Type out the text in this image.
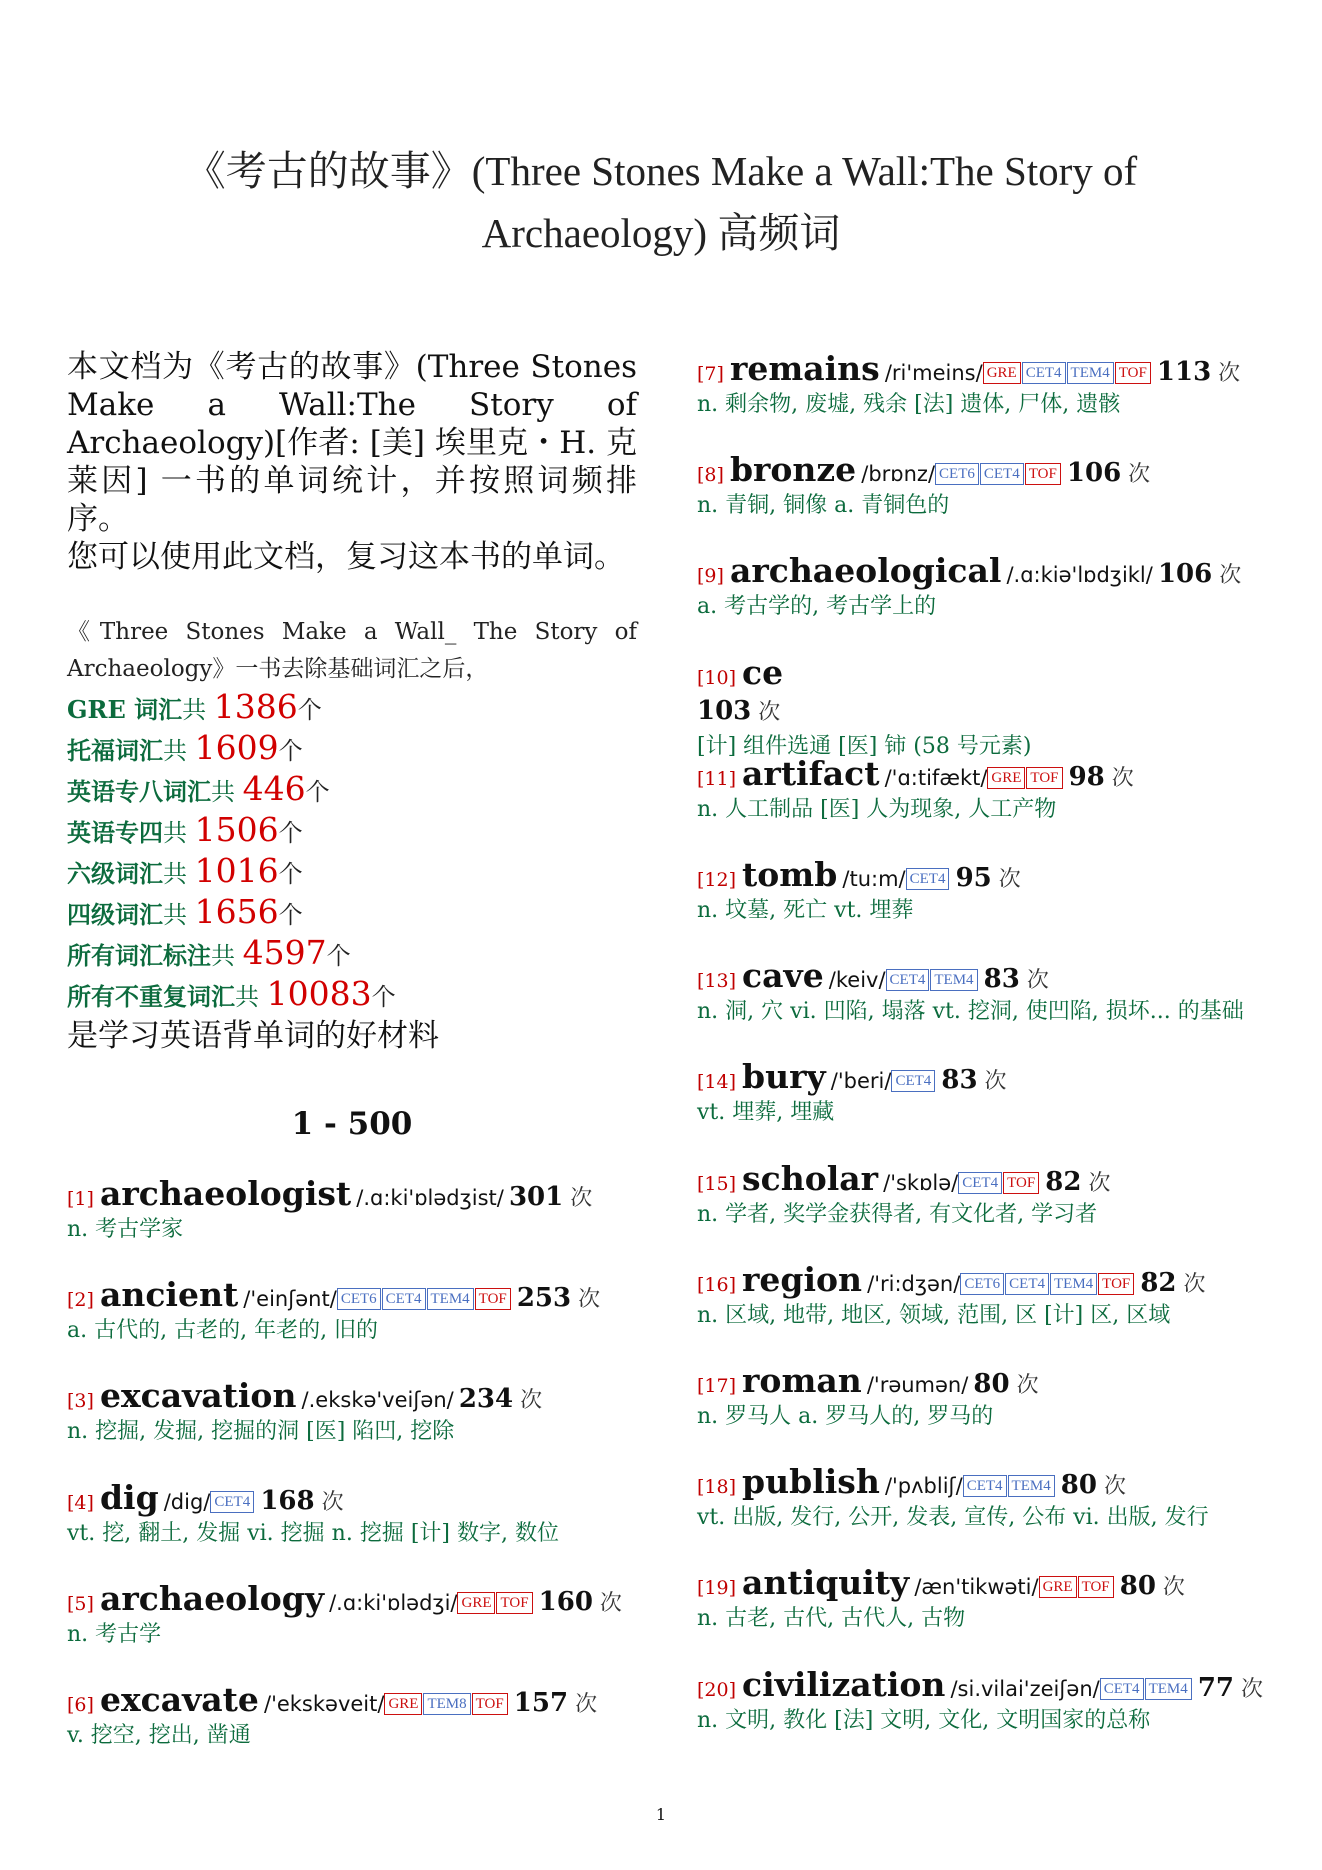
《考古的故事》(Three Stones Make a Wall:The Story of
Archaeology) 高频词
本文档为《考古的故事》(Three Stones Make a Wall:The Story of Archaeology)[作者: [美] 埃里克・H. 克莱因] 一书的单词统计，并按照词频排序。
您可以使用此文档，复习这本书的单词。
《Three Stones Make a Wall_ The Story of Archaeology》一书去除基础词汇之后，
GRE 词汇共 1386个
托福词汇共 1609个
英语专八词汇共 446个
英语专四共 1506个
六级词汇共 1016个
四级词汇共 1656个
所有词汇标注共 4597个
所有不重复词汇共 10083个
是学习英语背单词的好材料
1 - 500
[1] archaeologist /.ɑ:ki'ɒlədʒist/ 301 次
n. 考古学家
[2] ancient /'einʃənt/ CET6 CET4 TEM4 TOF 253 次
a. 古代的, 古老的, 年老的, 旧的
[3] excavation /.ekskə'veiʃən/ 234 次
n. 挖掘, 发掘, 挖掘的洞 [医] 陷凹, 挖除
[4] dig /dig/ CET4 168 次
vt. 挖, 翻土, 发掘 vi. 挖掘 n. 挖掘 [计] 数字, 数位
[5] archaeology /.ɑ:ki'ɒlədʒi/ GRE TOF 160 次
n. 考古学
[6] excavate /'ekskəveit/ GRE TEM8 TOF 157 次
v. 挖空, 挖出, 凿通
[7] remains /ri'meins/ GRE CET4 TEM4 TOF 113 次
n. 剩余物, 废墟, 残余 [法] 遗体, 尸体, 遗骸
[8] bronze /brɒnz/ CET6 CET4 TOF 106 次
n. 青铜, 铜像 a. 青铜色的
[9] archaeological /.ɑ:kiə'lɒdʒikl/ 106 次
a. 考古学的, 考古学上的
[10] ce
103 次
[计] 组件选通 [医] 铈 (58 号元素)
[11] artifact /'ɑ:tifækt/ GRE TOF 98 次
n. 人工制品 [医] 人为现象, 人工产物
[12] tomb /tu:m/ CET4 95 次
n. 坟墓, 死亡 vt. 埋葬
[13] cave /keiv/ CET4 TEM4 83 次
n. 洞, 穴 vi. 凹陷, 塌落 vt. 挖洞, 使凹陷, 损坏... 的基础
[14] bury /'beri/ CET4 83 次
vt. 埋葬, 埋藏
[15] scholar /'skɒlə/ CET4 TOF 82 次
n. 学者, 奖学金获得者, 有文化者, 学习者
[16] region /'ri:dʒən/ CET6 CET4 TEM4 TOF 82 次
n. 区域, 地带, 地区, 领域, 范围, 区 [计] 区, 区域
[17] roman /'rəumən/ 80 次
n. 罗马人 a. 罗马人的, 罗马的
[18] publish /'pʌbliʃ/ CET4 TEM4 80 次
vt. 出版, 发行, 公开, 发表, 宣传, 公布 vi. 出版, 发行
[19] antiquity /æn'tikwəti/ GRE TOF 80 次
n. 古老, 古代, 古代人, 古物
[20] civilization /si.vilai'zeiʃən/ CET4 TEM4 77 次
n. 文明, 教化 [法] 文明, 文化, 文明国家的总称
1
